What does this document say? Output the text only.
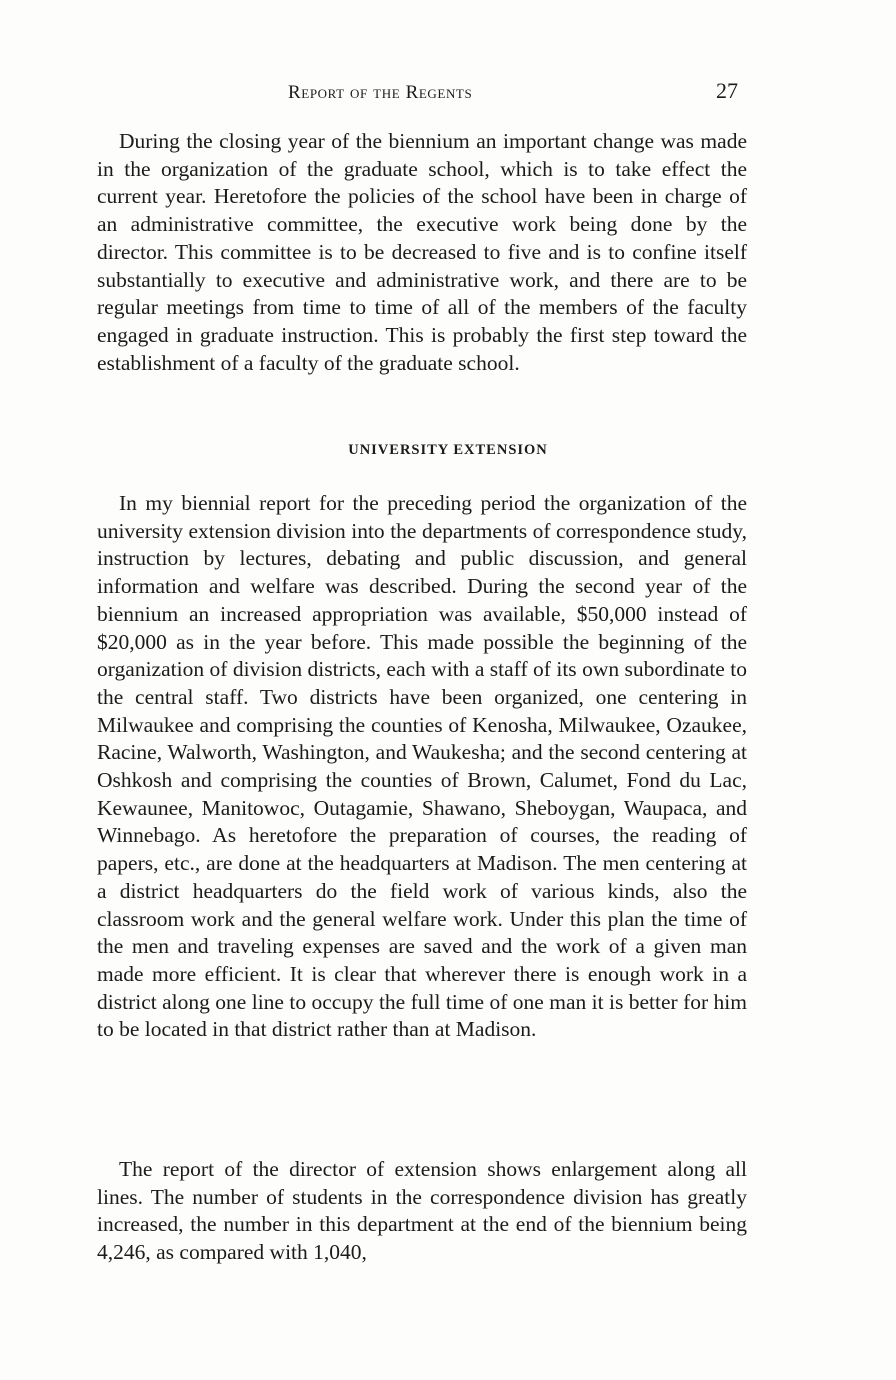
Report of the Regents	27

During the closing year of the biennium an important change was made in the organization of the graduate school, which is to take effect the current year. Heretofore the policies of the school have been in charge of an administrative committee, the executive work being done by the director. This committee is to be decreased to five and is to confine itself substantially to executive and administrative work, and there are to be regular meetings from time to time of all of the members of the faculty engaged in graduate instruction. This is probably the first step toward the establishment of a faculty of the graduate school.

UNIVERSITY EXTENSION

In my biennial report for the preceding period the organization of the university extension division into the departments of correspondence study, instruction by lectures, debating and public discussion, and general information and welfare was described. During the second year of the biennium an increased appropriation was available, $50,000 instead of $20,000 as in the year before. This made possible the beginning of the organization of division districts, each with a staff of its own subordinate to the central staff. Two districts have been organized, one centering in Milwaukee and comprising the counties of Kenosha, Milwaukee, Ozaukee, Racine, Walworth, Washington, and Waukesha; and the second centering at Oshkosh and comprising the counties of Brown, Calumet, Fond du Lac, Kewaunee, Manitowoc, Outagamie, Shawano, Sheboygan, Waupaca, and Winnebago. As heretofore the preparation of courses, the reading of papers, etc., are done at the headquarters at Madison. The men centering at a district headquarters do the field work of various kinds, also the classroom work and the general welfare work. Under this plan the time of the men and traveling expenses are saved and the work of a given man made more efficient. It is clear that wherever there is enough work in a district along one line to occupy the full time of one man it is better for him to be located in that district rather than at Madison.

The report of the director of extension shows enlargement along all lines. The number of students in the correspondence division has greatly increased, the number in this department at the end of the biennium being 4,246, as compared with 1,040,
